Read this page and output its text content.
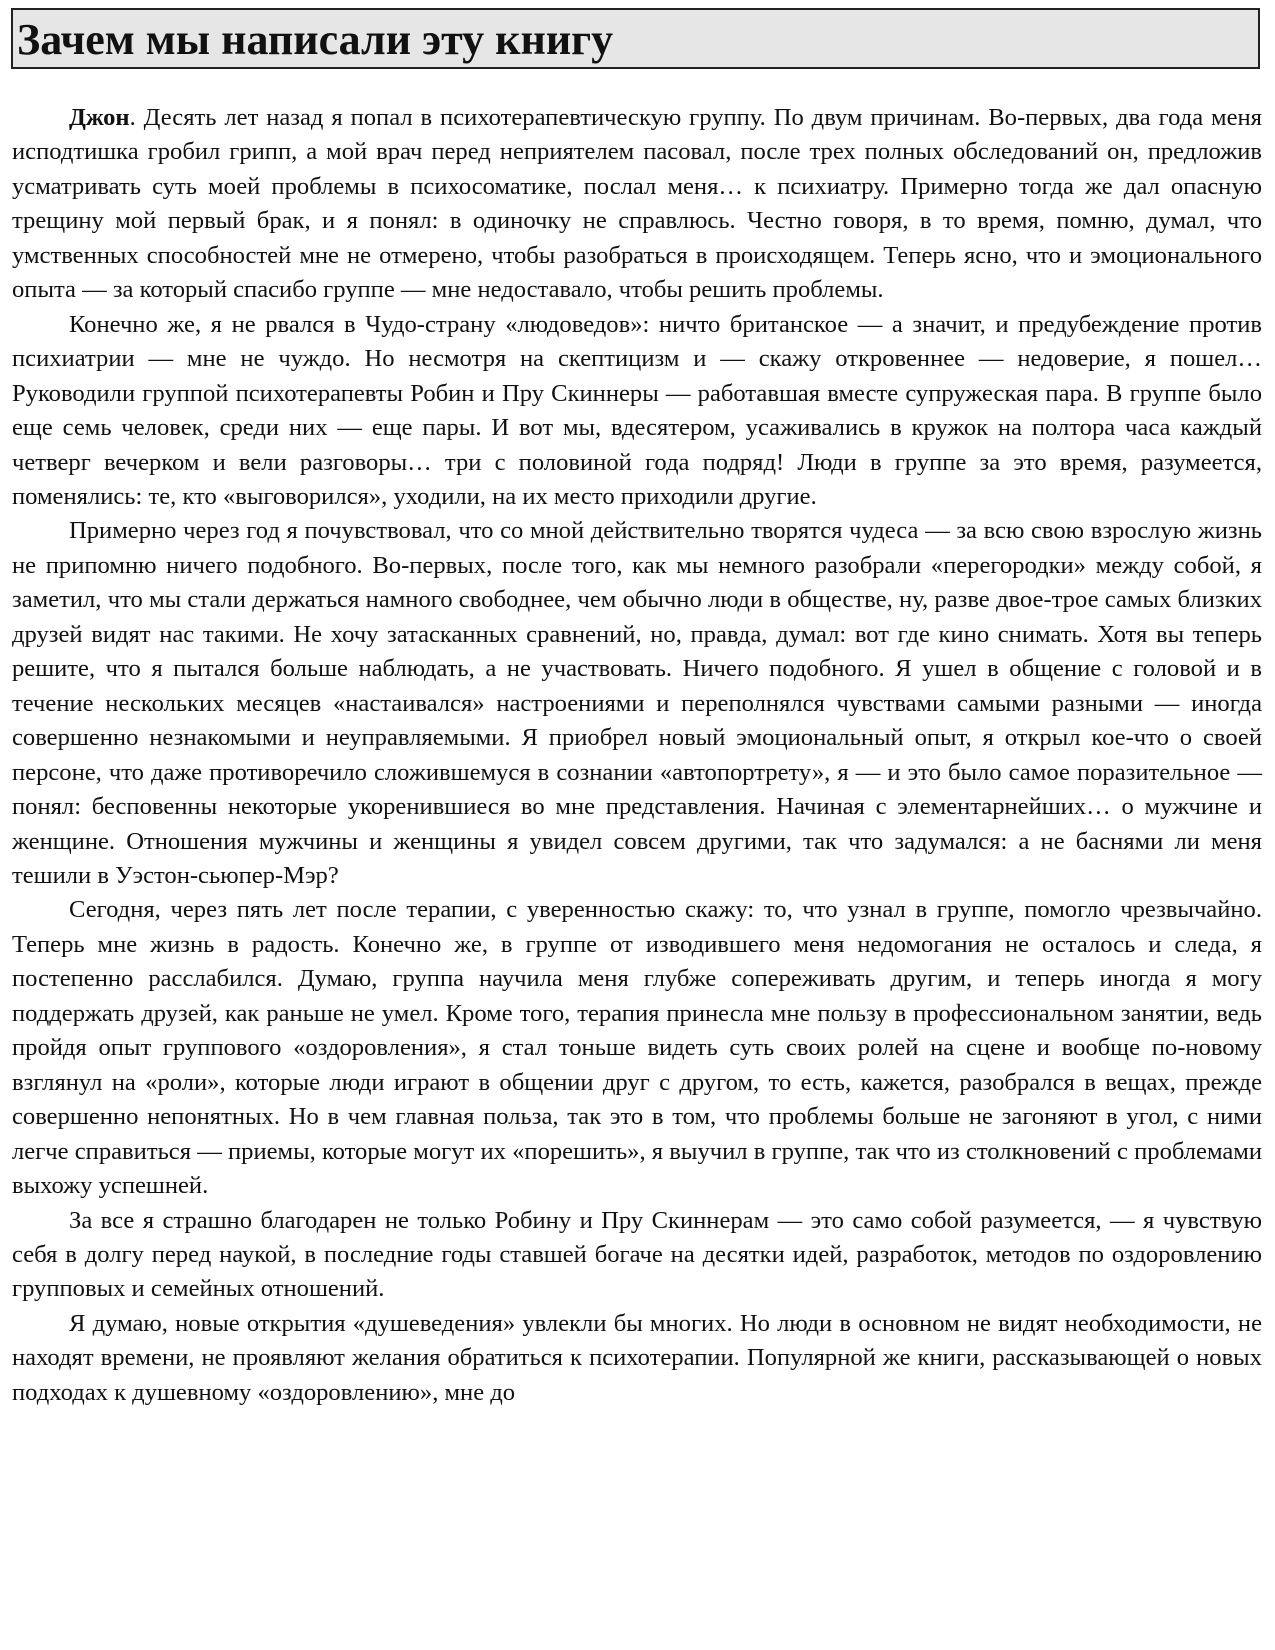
Зачем мы написали эту книгу

Джон. Десять лет назад я попал в психотерапевтическую группу. По двум причинам. Во-первых, два года меня исподтишка гробил грипп, а мой врач перед неприятелем пасовал, после трех полных обследований он, предложив усматривать суть моей проблемы в психосоматике, послал меня… к психиатру. Примерно тогда же дал опасную трещину мой первый брак, и я понял: в одиночку не справлюсь. Честно говоря, в то время, помню, думал, что умственных способностей мне не отмерено, чтобы разобраться в происходящем. Теперь ясно, что и эмоционального опыта — за который спасибо группе — мне недоставало, чтобы решить проблемы.

Конечно же, я не рвался в Чудо-страну «людоведов»: ничто британское — а значит, и предубеждение против психиатрии — мне не чуждо. Но несмотря на скептицизм и — скажу откровеннее — недоверие, я пошел… Руководили группой психотерапевты Робин и Пру Скиннеры — работавшая вместе супружеская пара. В группе было еще семь человек, среди них — еще пары. И вот мы, вдесятером, усаживались в кружок на полтора часа каждый четверг вечерком и вели разговоры… три с половиной года подряд! Люди в группе за это время, разумеется, поменялись: те, кто «выговорился», уходили, на их место приходили другие.

Примерно через год я почувствовал, что со мной действительно творятся чудеса — за всю свою взрослую жизнь не припомню ничего подобного. Во-первых, после того, как мы немного разобрали «перегородки» между собой, я заметил, что мы стали держаться намного свободнее, чем обычно люди в обществе, ну, разве двое-трое самых близких друзей видят нас такими. Не хочу затасканных сравнений, но, правда, думал: вот где кино снимать. Хотя вы теперь решите, что я пытался больше наблюдать, а не участвовать. Ничего подобного. Я ушел в общение с головой и в течение нескольких месяцев «настаивался» настроениями и переполнялся чувствами самыми разными — иногда совершенно незнакомыми и неуправляемыми. Я приобрел новый эмоциональный опыт, я открыл кое-что о своей персоне, что даже противоречило сложившемуся в сознании «автопортрету», я — и это было самое поразительное — понял: бесповенны некоторые укоренившиеся во мне представления. Начиная с элементарнейших… о мужчине и женщине. Отношения мужчины и женщины я увидел совсем другими, так что задумался: а не баснями ли меня тешили в Уэстон-сьюпер-Мэр?

Сегодня, через пять лет после терапии, с уверенностью скажу: то, что узнал в группе, помогло чрезвычайно. Теперь мне жизнь в радость. Конечно же, в группе от изводившего меня недомогания не осталось и следа, я постепенно расслабился. Думаю, группа научила меня глубже сопереживать другим, и теперь иногда я могу поддержать друзей, как раньше не умел. Кроме того, терапия принесла мне пользу в профессиональном занятии, ведь пройдя опыт группового «оздоровления», я стал тоньше видеть суть своих ролей на сцене и вообще по-новому взглянул на «роли», которые люди играют в общении друг с другом, то есть, кажется, разобрался в вещах, прежде совершенно непонятных. Но в чем главная польза, так это в том, что проблемы больше не загоняют в угол, с ними легче справиться — приемы, которые могут их «порешить», я выучил в группе, так что из столкновений с проблемами выхожу успешней.

За все я страшно благодарен не только Робину и Пру Скиннерам — это само собой разумеется, — я чувствую себя в долгу перед наукой, в последние годы ставшей богаче на десятки идей, разработок, методов по оздоровлению групповых и семейных отношений.

Я думаю, новые открытия «душеведения» увлекли бы многих. Но люди в основном не видят необходимости, не находят времени, не проявляют желания обратиться к психотерапии. Популярной же книги, рассказывающей о новых подходах к душевному «оздоровлению», мне до
